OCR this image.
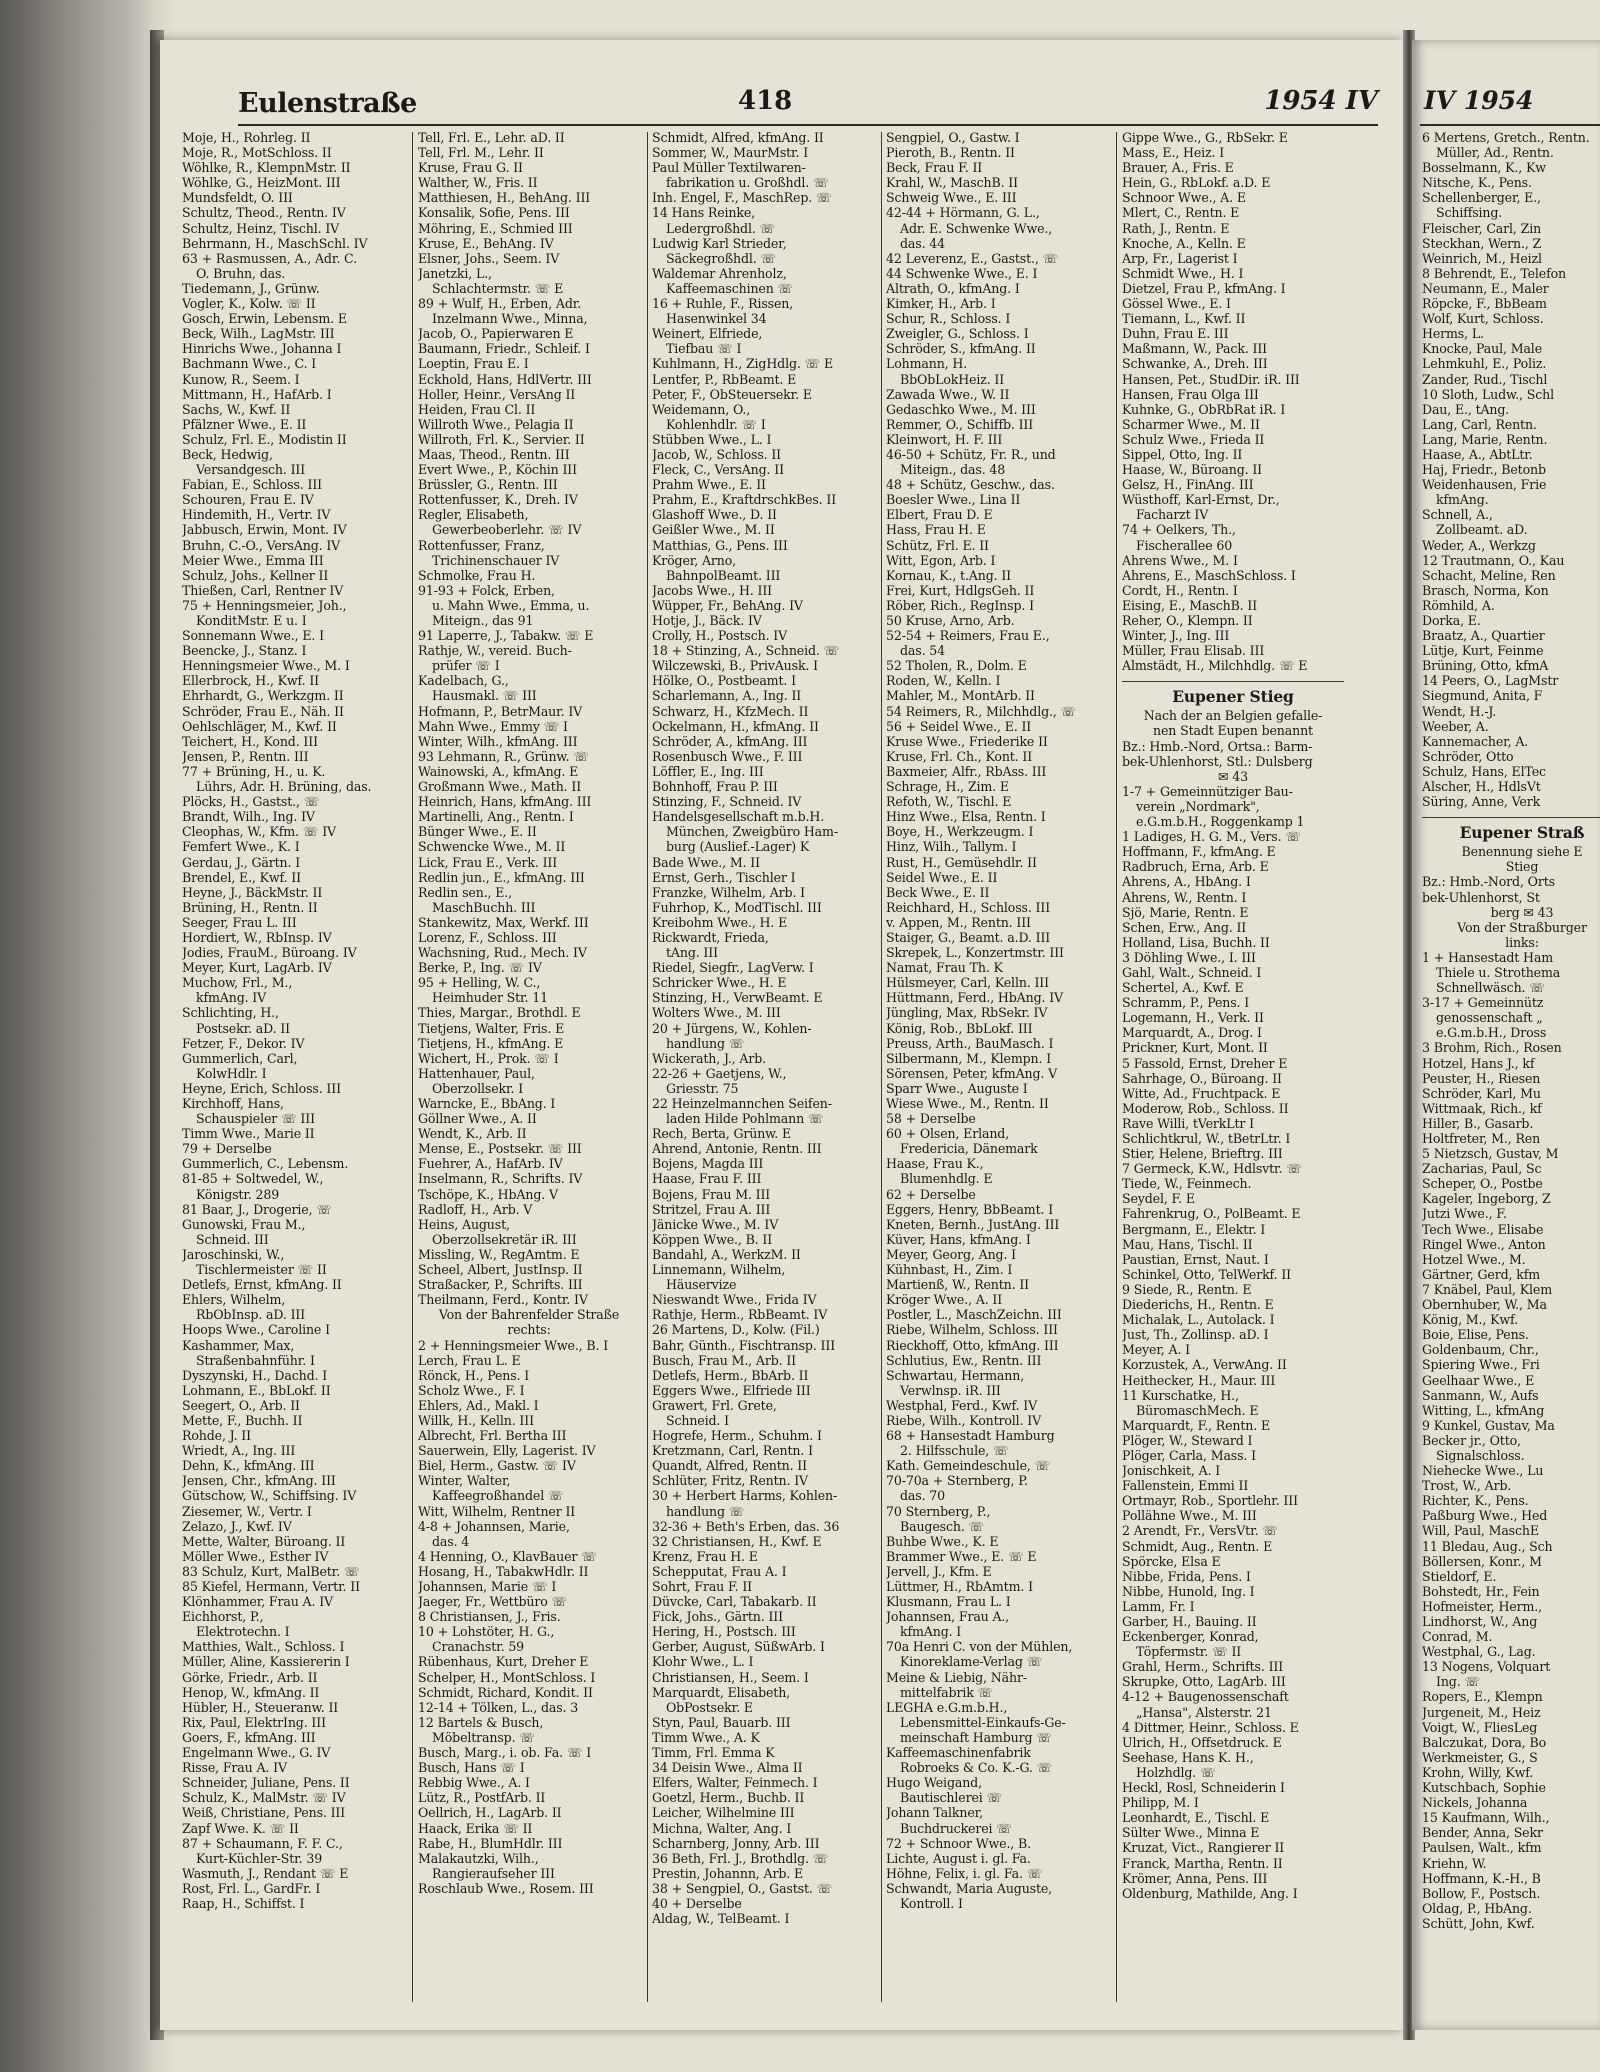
Eulenstraße	418	1954 IV
Moje, H., Rohrleg. II
Moje, R., MotSchloss. II
Wöhlke, R., KlempnMstr. II
Wöhlke, G., HeizMont. III
Mundsfeldt, O. III
Schultz, Theod., Rentn. IV
Schultz, Heinz, Tischl. IV
Behrmann, H., MaschSchl. IV
63 + Rasmussen, A., Adr. C.
O. Bruhn, das.
Tiedemann, J., Grünw.
Vogler, K., Kolw. ☏ II
Gosch, Erwin, Lebensm. E
Beck, Wilh., LagMstr. III
Hinrichs Wwe., Johanna I
Bachmann Wwe., C. I
Kunow, R., Seem. I
Mittmann, H., HafArb. I
Sachs, W., Kwf. II
Pfälzner Wwe., E. II
Schulz, Frl. E., Modistin II
Beck, Hedwig,
Versandgesch. III
Fabian, E., Schloss. III
Schouren, Frau E. IV
Hindemith, H., Vertr. IV
Jabbusch, Erwin, Mont. IV
Bruhn, C.-O., VersAng. IV
Meier Wwe., Emma III
Schulz, Johs., Kellner II
Thießen, Carl, Rentner IV
75 + Henningsmeier, Joh.,
KonditMstr. E u. I
Sonnemann Wwe., E. I
Beencke, J., Stanz. I
Henningsmeier Wwe., M. I
Ellerbrock, H., Kwf. II
Ehrhardt, G., Werkzgm. II
Schröder, Frau E., Näh. II
Oehlschläger, M., Kwf. II
Teichert, H., Kond. III
Jensen, P., Rentn. III
77 + Brüning, H., u. K.
Lührs, Adr. H. Brüning, das.
Plöcks, H., Gastst., ☏
Brandt, Wilh., Ing. IV
Cleophas, W., Kfm. ☏ IV
Femfert Wwe., K. I
Gerdau, J., Gärtn. I
Brendel, E., Kwf. II
Heyne, J., BäckMstr. II
Brüning, H., Rentn. II
Seeger, Frau L. III
Hordiert, W., RbInsp. IV
Jodies, FrauM., Büroang. IV
Meyer, Kurt, LagArb. IV
Muchow, Frl., M.,
kfmAng. IV
Schlichting, H.,
Postsekr. aD. II
Fetzer, F., Dekor. IV
Gummerlich, Carl,
KolwHdlr. I
Heyne, Erich, Schloss. III
Kirchhoff, Hans,
Schauspieler ☏ III
Timm Wwe., Marie II
79 + Derselbe
Gummerlich, C., Lebensm.
81-85 + Soltwedel, W.,
Königstr. 289
81 Baar, J., Drogerie, ☏
Gunowski, Frau M.,
Schneid. III
Jaroschinski, W.,
Tischlermeister ☏ II
Detlefs, Ernst, kfmAng. II
Ehlers, Wilhelm,
RbObInsp. aD. III
Hoops Wwe., Caroline I
Kashammer, Max,
Straßenbahnführ. I
Dyszynski, H., Dachd. I
Lohmann, E., BbLokf. II
Seegert, O., Arb. II
Mette, F., Buchh. II
Rohde, J. II
Wriedt, A., Ing. III
Dehn, K., kfmAng. III
Jensen, Chr., kfmAng. III
Gütschow, W., Schiffsing. IV
Ziesemer, W., Vertr. I
Zelazo, J., Kwf. IV
Mette, Walter, Büroang. II
Möller Wwe., Esther IV
83 Schulz, Kurt, MalBetr. ☏
85 Kiefel, Hermann, Vertr. II
Klönhammer, Frau A. IV
Eichhorst, P.,
Elektrotechn. I
Matthies, Walt., Schloss. I
Müller, Aline, Kassiererin I
Görke, Friedr., Arb. II
Henop, W., kfmAng. II
Hübler, H., Steueranw. II
Rix, Paul, ElektrIng. III
Goers, F., kfmAng. III
Engelmann Wwe., G. IV
Risse, Frau A. IV
Schneider, Juliane, Pens. II
Schulz, K., MalMstr. ☏ IV
Weiß, Christiane, Pens. III
Zapf Wwe. K. ☏ II
87 + Schaumann, F. F. C.,
Kurt-Küchler-Str. 39
Wasmuth, J., Rendant ☏ E
Rost, Frl. L., GardFr. I
Raap, H., Schiffst. I
Tell, Frl. E., Lehr. aD. II
Tell, Frl. M., Lehr. II
Kruse, Frau G. II
Walther, W., Fris. II
Matthiesen, H., BehAng. III
Konsalik, Sofie, Pens. III
Möhring, E., Schmied III
Kruse, E., BehAng. IV
Elsner, Johs., Seem. IV
Janetzki, L.,
Schlachtermstr. ☏ E
89 + Wulf, H., Erben, Adr.
Inzelmann Wwe., Minna,
Jacob, O., Papierwaren E
Baumann, Friedr., Schleif. I
Loeptin, Frau E. I
Eckhold, Hans, HdlVertr. III
Holler, Heinr., VersAng II
Heiden, Frau Cl. II
Willroth Wwe., Pelagia II
Willroth, Frl. K., Servier. II
Maas, Theod., Rentn. III
Evert Wwe., P., Köchin III
Brüssler, G., Rentn. III
Rottenfusser, K., Dreh. IV
Regler, Elisabeth,
Gewerbeoberlehr. ☏ IV
Rottenfusser, Franz,
Trichinenschauer IV
Schmolke, Frau H.
91-93 + Folck, Erben,
u. Mahn Wwe., Emma, u.
Miteign., das 91
91 Laperre, J., Tabakw. ☏ E
Rathje, W., vereid. Buch-
prüfer ☏ I
Kadelbach, G.,
Hausmakl. ☏ III
Hofmann, P., BetrMaur. IV
Mahn Wwe., Emmy ☏ I
Winter, Wilh., kfmAng. III
93 Lehmann, R., Grünw. ☏
Wainowski, A., kfmAng. E
Großmann Wwe., Math. II
Heinrich, Hans, kfmAng. III
Martinelli, Ang., Rentn. I
Bünger Wwe., E. II
Schwencke Wwe., M. II
Lick, Frau E., Verk. III
Redlin jun., E., kfmAng. III
Redlin sen., E.,
MaschBuchh. III
Stankewitz, Max, Werkf. III
Lorenz, F., Schloss. III
Wachsning, Rud., Mech. IV
Berke, P., Ing. ☏ IV
95 + Helling, W. C.,
Heimhuder Str. 11
Thies, Margar., Brothdl. E
Tietjens, Walter, Fris. E
Tietjens, H., kfmAng. E
Wichert, H., Prok. ☏ I
Hattenhauer, Paul,
Oberzollsekr. I
Warncke, E., BbAng. I
Göllner Wwe., A. II
Wendt, K., Arb. II
Mense, E., Postsekr. ☏ III
Fuehrer, A., HafArb. IV
Inselmann, R., Schrifts. IV
Tschöpe, K., HbAng. V
Radloff, H., Arb. V
Heins, August,
Oberzollsekretär iR. III
Missling, W., RegAmtm. E
Scheel, Albert, JustInsp. II
Straßacker, P., Schrifts. III
Theilmann, Ferd., Kontr. IV
Von der Bahrenfelder Straße
rechts:
2 + Henningsmeier Wwe., B. I
Lerch, Frau L. E
Rönck, H., Pens. I
Scholz Wwe., F. I
Ehlers, Ad., Makl. I
Willk, H., Kelln. III
Albrecht, Frl. Bertha III
Sauerwein, Elly, Lagerist. IV
Biel, Herm., Gastw. ☏ IV
Winter, Walter,
Kaffeegroßhandel ☏
Witt, Wilhelm, Rentner II
4-8 + Johannsen, Marie,
das. 4
4 Henning, O., KlavBauer ☏
Hosang, H., TabakwHdlr. II
Johannsen, Marie ☏ I
Jaeger, Fr., Wettbüro ☏
8 Christiansen, J., Fris.
10 + Lohstöter, H. G.,
Cranachstr. 59
Rübenhaus, Kurt, Dreher E
Schelper, H., MontSchloss. I
Schmidt, Richard, Kondit. II
12-14 + Tölken, L., das. 3
12 Bartels & Busch,
Möbeltransp. ☏
Busch, Marg., i. ob. Fa. ☏ I
Busch, Hans ☏ I
Rebbig Wwe., A. I
Lütz, R., PostfArb. II
Oellrich, H., LagArb. II
Haack, Erika ☏ II
Rabe, H., BlumHdlr. III
Malakautzki, Wilh.,
Rangieraufseher III
Roschlaub Wwe., Rosem. III
Schmidt, Alfred, kfmAng. II
Sommer, W., MaurMstr. I
Paul Müller Textilwaren-
fabrikation u. Großhdl. ☏
Inh. Engel, F., MaschRep. ☏
14 Hans Reinke,
Ledergroßhdl. ☏
Ludwig Karl Strieder,
Säckegroßhdl. ☏
Waldemar Ahrenholz,
Kaffeemaschinen ☏
16 + Ruhle, F., Rissen,
Hasenwinkel 34
Weinert, Elfriede,
Tiefbau ☏ I
Kuhlmann, H., ZigHdlg. ☏ E
Lentfer, P., RbBeamt. E
Peter, F., ObSteuersekr. E
Weidemann, O.,
Kohlenhdlr. ☏ I
Stübben Wwe., L. I
Jacob, W., Schloss. II
Fleck, C., VersAng. II
Prahm Wwe., E. II
Prahm, E., KraftdrschkBes. II
Glashoff Wwe., D. II
Geißler Wwe., M. II
Matthias, G., Pens. III
Kröger, Arno,
BahnpolBeamt. III
Jacobs Wwe., H. III
Wüpper, Fr., BehAng. IV
Hotje, J., Bäck. IV
Crolly, H., Postsch. IV
18 + Stinzing, A., Schneid. ☏
Wilczewski, B., PrivAusk. I
Hölke, O., Postbeamt. I
Scharlemann, A., Ing. II
Schwarz, H., KfzMech. II
Ockelmann, H., kfmAng. II
Schröder, A., kfmAng. III
Rosenbusch Wwe., F. III
Löffler, E., Ing. III
Bohnhoff, Frau P. III
Stinzing, F., Schneid. IV
Handelsgesellschaft m.b.H.
München, Zweigbüro Ham-
burg (Auslief.-Lager) K
Bade Wwe., M. II
Ernst, Gerh., Tischler I
Franzke, Wilhelm, Arb. I
Fuhrhop, K., ModTischl. III
Kreibohm Wwe., H. E
Rickwardt, Frieda,
tAng. III
Riedel, Siegfr., LagVerw. I
Schricker Wwe., H. E
Stinzing, H., VerwBeamt. E
Wolters Wwe., M. III
20 + Jürgens, W., Kohlen-
handlung ☏
Wickerath, J., Arb.
22-26 + Gaetjens, W.,
Griesstr. 75
22 Heinzelmannchen Seifen-
laden Hilde Pohlmann ☏
Rech, Berta, Grünw. E
Ahrend, Antonie, Rentn. III
Bojens, Magda III
Haase, Frau F. III
Bojens, Frau M. III
Stritzel, Frau A. III
Jänicke Wwe., M. IV
Köppen Wwe., B. II
Bandahl, A., WerkzM. II
Linnemann, Wilhelm,
Häuservize
Nieswandt Wwe., Frida IV
Rathje, Herm., RbBeamt. IV
26 Martens, D., Kolw. (Fil.)
Bahr, Günth., Fischtransp. III
Busch, Frau M., Arb. II
Detlefs, Herm., BbArb. II
Eggers Wwe., Elfriede III
Grawert, Frl. Grete,
Schneid. I
Hogrefe, Herm., Schuhm. I
Kretzmann, Carl, Rentn. I
Quandt, Alfred, Rentn. II
Schlüter, Fritz, Rentn. IV
30 + Herbert Harms, Kohlen-
handlung ☏
32-36 + Beth's Erben, das. 36
32 Christiansen, H., Kwf. E
Krenz, Frau H. E
Schepputat, Frau A. I
Sohrt, Frau F. II
Düvcke, Carl, Tabakarb. II
Fick, Johs., Gärtn. III
Hering, H., Postsch. III
Gerber, August, SüßwArb. I
Klohr Wwe., L. I
Christiansen, H., Seem. I
Marquardt, Elisabeth,
ObPostsekr. E
Styn, Paul, Bauarb. III
Timm Wwe., A. K
Timm, Frl. Emma K
34 Deisin Wwe., Alma II
Elfers, Walter, Feinmech. I
Goetzl, Herm., Buchb. II
Leicher, Wilhelmine III
Michna, Walter, Ang. I
Scharnberg, Jonny, Arb. III
36 Beth, Frl. J., Brothdlg. ☏
Prestin, Johannn, Arb. E
38 + Sengpiel, O., Gastst. ☏
40 + Derselbe
Aldag, W., TelBeamt. I
Sengpiel, O., Gastw. I
Pieroth, B., Rentn. II
Beck, Frau F. II
Krahl, W., MaschB. II
Schweig Wwe., E. III
42-44 + Hörmann, G. L.,
Adr. E. Schwenke Wwe.,
das. 44
42 Leverenz, E., Gastst., ☏
44 Schwenke Wwe., E. I
Altrath, O., kfmAng. I
Kimker, H., Arb. I
Schur, R., Schloss. I
Zweigler, G., Schloss. I
Schröder, S., kfmAng. II
Lohmann, H.
BbObLokHeiz. II
Zawada Wwe., W. II
Gedaschko Wwe., M. III
Remmer, O., Schiffb. III
Kleinwort, H. F. III
46-50 + Schütz, Fr. R., und
Miteign., das. 48
48 + Schütz, Geschw., das.
Boesler Wwe., Lina II
Elbert, Frau D. E
Hass, Frau H. E
Schütz, Frl. E. II
Witt, Egon, Arb. I
Kornau, K., t.Ang. II
Frei, Kurt, HdlgsGeh. II
Röber, Rich., RegInsp. I
50 Kruse, Arno, Arb.
52-54 + Reimers, Frau E.,
das. 54
52 Tholen, R., Dolm. E
Roden, W., Kelln. I
Mahler, M., MontArb. II
54 Reimers, R., Milchhdlg., ☏
56 + Seidel Wwe., E. II
Kruse Wwe., Friederike II
Kruse, Frl. Ch., Kont. II
Baxmeier, Alfr., RbAss. III
Schrage, H., Zim. E
Refoth, W., Tischl. E
Hinz Wwe., Elsa, Rentn. I
Boye, H., Werkzeugm. I
Hinz, Wilh., Tallym. I
Rust, H., Gemüsehdlr. II
Seidel Wwe., E. II
Beck Wwe., E. II
Reichhard, H., Schloss. III
v. Appen, M., Rentn. III
Staiger, G., Beamt. a.D. III
Skrepek, L., Konzertmstr. III
Namat, Frau Th. K
Hülsmeyer, Carl, Kelln. III
Hüttmann, Ferd., HbAng. IV
Jüngling, Max, RbSekr. IV
König, Rob., BbLokf. III
Preuss, Arth., BauMasch. I
Silbermann, M., Klempn. I
Sörensen, Peter, kfmAng. V
Sparr Wwe., Auguste I
Wiese Wwe., M., Rentn. II
58 + Derselbe
60 + Olsen, Erland,
Fredericia, Dänemark
Haase, Frau K.,
Blumenhdlg. E
62 + Derselbe
Eggers, Henry, BbBeamt. I
Kneten, Bernh., JustAng. III
Küver, Hans, kfmAng. I
Meyer, Georg, Ang. I
Kühnbast, H., Zim. I
Martienß, W., Rentn. II
Kröger Wwe., A. II
Postler, L., MaschZeichn. III
Riebe, Wilhelm, Schloss. III
Rieckhoff, Otto, kfmAng. III
Schlutius, Ew., Rentn. III
Schwartau, Hermann,
Verwlnsp. iR. III
Westphal, Ferd., Kwf. IV
Riebe, Wilh., Kontroll. IV
68 + Hansestadt Hamburg
2. Hilfsschule, ☏
Kath. Gemeindeschule, ☏
70-70a + Sternberg, P.
das. 70
70 Sternberg, P.,
Baugesch. ☏
Buhbe Wwe., K. E
Brammer Wwe., E. ☏ E
Jervell, J., Kfm. E
Lüttmer, H., RbAmtm. I
Klusmann, Frau L. I
Johannsen, Frau A.,
kfmAng. I
70a Henri C. von der Mühlen,
Kinoreklame-Verlag ☏
Meine & Liebig, Nähr-
mittelfabrik ☏
LEGHA e.G.m.b.H.,
Lebensmittel-Einkaufs-Ge-
meinschaft Hamburg ☏
Kaffeemaschinenfabrik
Robroeks & Co. K.-G. ☏
Hugo Weigand,
Bautischlerei ☏
Johann Talkner,
Buchdruckerei ☏
72 + Schnoor Wwe., B.
Lichte, August i. gl. Fa.
Höhne, Felix, i. gl. Fa. ☏
Schwandt, Maria Auguste,
Kontroll. I
Gippe Wwe., G., RbSekr. E
Mass, E., Heiz. I
Brauer, A., Fris. E
Hein, G., RbLokf. a.D. E
Schnoor Wwe., A. E
Mlert, C., Rentn. E
Rath, J., Rentn. E
Knoche, A., Kelln. E
Arp, Fr., Lagerist I
Schmidt Wwe., H. I
Dietzel, Frau P., kfmAng. I
Gössel Wwe., E. I
Tiemann, L., Kwf. II
Duhn, Frau E. III
Maßmann, W., Pack. III
Schwanke, A., Dreh. III
Hansen, Pet., StudDir. iR. III
Hansen, Frau Olga III
Kuhnke, G., ObRbRat iR. I
Scharmer Wwe., M. II
Schulz Wwe., Frieda II
Sippel, Otto, Ing. II
Haase, W., Büroang. II
Gelsz, H., FinAng. III
Wüsthoff, Karl-Ernst, Dr.,
Facharzt IV
74 + Oelkers, Th.,
Fischerallee 60
Ahrens Wwe., M. I
Ahrens, E., MaschSchloss. I
Cordt, H., Rentn. I
Eising, E., MaschB. II
Reher, O., Klempn. II
Winter, J., Ing. III
Müller, Frau Elisab. III
Almstädt, H., Milchhdlg. ☏ E
Eupener Stieg
Nach der an Belgien gefalle-
nen Stadt Eupen benannt
Bz.: Hmb.-Nord, Ortsa.: Barm-
bek-Uhlenhorst, Stl.: Dulsberg
✉ 43
1-7 + Gemeinnütziger Bau-
verein „Nordmark",
e.G.m.b.H., Roggenkamp 1
1 Ladiges, H. G. M., Vers. ☏
Hoffmann, F., kfmAng. E
Radbruch, Erna, Arb. E
Ahrens, A., HbAng. I
Ahrens, W., Rentn. I
Sjö, Marie, Rentn. E
Schen, Erw., Ang. II
Holland, Lisa, Buchh. II
3 Döhling Wwe., I. III
Gahl, Walt., Schneid. I
Schertel, A., Kwf. E
Schramm, P., Pens. I
Logemann, H., Verk. II
Marquardt, A., Drog. I
Prickner, Kurt, Mont. II
5 Fassold, Ernst, Dreher E
Sahrhage, O., Büroang. II
Witte, Ad., Fruchtpack. E
Moderow, Rob., Schloss. II
Rave Willi, tVerkLtr I
Schlichtkrul, W., tBetrLtr. I
Stier, Helene, Brieftrg. III
7 Germeck, K.W., Hdlsvtr. ☏
Tiede, W., Feinmech.
Seydel, F. E
Fahrenkrug, O., PolBeamt. E
Bergmann, E., Elektr. I
Mau, Hans, Tischl. II
Paustian, Ernst, Naut. I
Schinkel, Otto, TelWerkf. II
9 Siede, R., Rentn. E
Diederichs, H., Rentn. E
Michalak, L., Autolack. I
Just, Th., Zollinsp. aD. I
Meyer, A. I
Korzustek, A., VerwAng. II
Heithecker, H., Maur. III
11 Kurschatke, H.,
BüromaschMech. E
Marquardt, F., Rentn. E
Plöger, W., Steward I
Plöger, Carla, Mass. I
Jonischkeit, A. I
Fallenstein, Emmi II
Ortmayr, Rob., Sportlehr. III
Pollähne Wwe., M. III
2 Arendt, Fr., VersVtr. ☏
Schmidt, Aug., Rentn. E
Spörcke, Elsa E
Nibbe, Frida, Pens. I
Nibbe, Hunold, Ing. I
Lamm, Fr. I
Garber, H., Bauing. II
Eckenberger, Konrad,
Töpfermstr. ☏ II
Grahl, Herm., Schrifts. III
Skrupke, Otto, LagArb. III
4-12 + Baugenossenschaft
„Hansa", Alsterstr. 21
4 Dittmer, Heinr., Schloss. E
Ulrich, H., Offsetdruck. E
Seehase, Hans K. H.,
Holzhdlg. ☏
Heckl, Rosl, Schneiderin I
Philipp, M. I
Leonhardt, E., Tischl. E
Sülter Wwe., Minna E
Kruzat, Vict., Rangierer II
Franck, Martha, Rentn. II
Krömer, Anna, Pens. III
Oldenburg, Mathilde, Ang. I
IV 1954
6 Mertens, Gretch., Rentn.
Müller, Ad., Rentn.
Bosselmann, K., Kw
Nitsche, K., Pens.
Schellenberger, E.,
Schiffsing.
Fleischer, Carl, Zin
Steckhan, Wern., Z
Weinrich, M., Heizl
8 Behrendt, E., Telefon
Neumann, E., Maler
Röpcke, F., BbBeam
Wolf, Kurt, Schloss.
Herms, L.
Knocke, Paul, Male
Lehmkuhl, E., Poliz.
Zander, Rud., Tischl
10 Sloth, Ludw., Schl
Dau, E., tAng.
Lang, Carl, Rentn.
Lang, Marie, Rentn.
Haase, A., AbtLtr.
Haj, Friedr., Betonb
Weidenhausen, Frie
kfmAng.
Schnell, A.,
Zollbeamt. aD.
Weder, A., Werkzg
12 Trautmann, O., Kau
Schacht, Meline, Ren
Brasch, Norma, Kon
Römhild, A.
Dorka, E.
Braatz, A., Quartier
Lütje, Kurt, Feinme
Brüning, Otto, kfmA
14 Peers, O., LagMstr
Siegmund, Anita, F
Wendt, H.-J.
Weeber, A.
Kannemacher, A.
Schröder, Otto
Schulz, Hans, ElTec
Alscher, H., HdlsVt
Süring, Anne, Verk
Eupener Straß
Benennung siehe E
Stieg
Bz.: Hmb.-Nord, Orts
bek-Uhlenhorst, St
berg ✉ 43
Von der Straßburger
links:
1 + Hansestadt Ham
Thiele u. Strothema
Schnellwäsch. ☏
3-17 + Gemeinnütz
genossenschaft „
e.G.m.b.H., Dross
3 Brohm, Rich., Rosen
Hotzel, Hans J., kf
Peuster, H., Riesen
Schröder, Karl, Mu
Wittmaak, Rich., kf
Hiller, B., Gasarb.
Holtfreter, M., Ren
5 Nietzsch, Gustav, M
Zacharias, Paul, Sc
Scheper, O., Postbe
Kageler, Ingeborg, Z
Jutzi Wwe., F.
Tech Wwe., Elisabe
Ringel Wwe., Anton
Hotzel Wwe., M.
Gärtner, Gerd, kfm
7 Knäbel, Paul, Klem
Obernhuber, W., Ma
König, M., Kwf.
Boie, Elise, Pens.
Goldenbaum, Chr.,
Spiering Wwe., Fri
Geelhaar Wwe., E
Sanmann, W., Aufs
Witting, L., kfmAng
9 Kunkel, Gustav, Ma
Becker jr., Otto,
Signalschloss.
Niehecke Wwe., Lu
Trost, W., Arb.
Richter, K., Pens.
Paßburg Wwe., Hed
Will, Paul, MaschE
11 Bledau, Aug., Sch
Böllersen, Konr., M
Stieldorf, E.
Bohstedt, Hr., Fein
Hofmeister, Herm.,
Lindhorst, W., Ang
Conrad, M.
Westphal, G., Lag.
13 Nogens, Volquart
Ing. ☏
Ropers, E., Klempn
Jurgeneit, M., Heiz
Voigt, W., FliesLeg
Balczukat, Dora, Bo
Werkmeister, G., S
Krohn, Willy, Kwf.
Kutschbach, Sophie
Nickels, Johanna
15 Kaufmann, Wilh.,
Bender, Anna, Sekr
Paulsen, Walt., kfm
Kriehn, W.
Hoffmann, K.-H., B
Bollow, F., Postsch.
Oldag, P., HbAng.
Schütt, John, Kwf.
